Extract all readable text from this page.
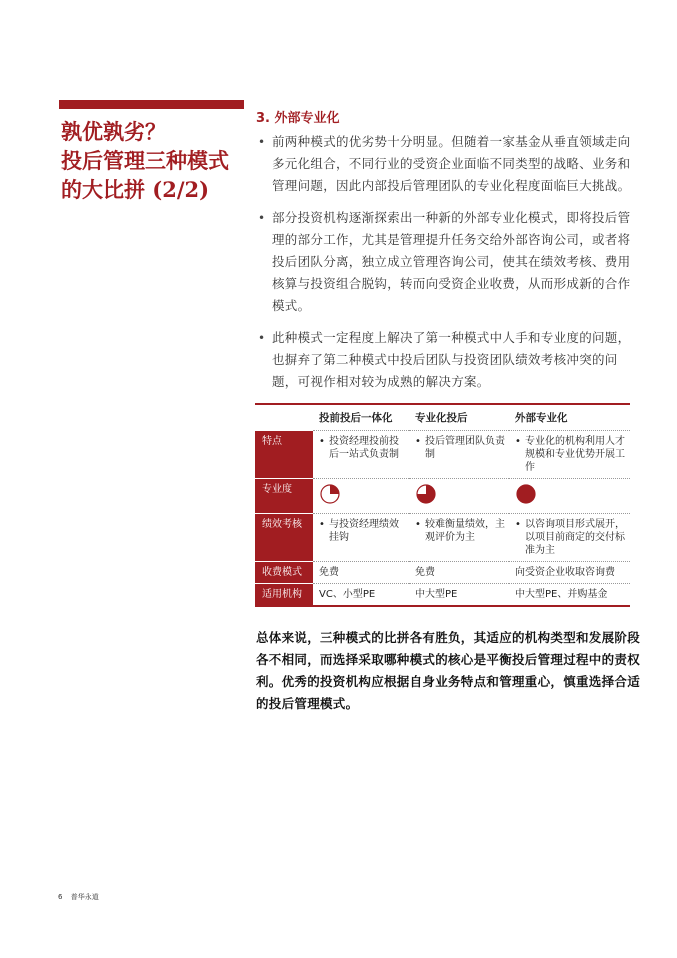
孰优孰劣？
投后管理三种模式
的大比拼 (2/2)
3. 外部专业化
• 前两种模式的优劣势十分明显。但随着一家基金从垂直领域走向多元化组合，不同行业的受资企业面临不同类型的战略、业务和管理问题，因此内部投后管理团队的专业化程度面临巨大挑战。
• 部分投资机构逐渐探索出一种新的外部专业化模式，即将投后管理的部分工作，尤其是管理提升任务交给外部咨询公司，或者将投后团队分离，独立成立管理咨询公司，使其在绩效考核、费用核算与投资组合脱钩，转而向受资企业收费，从而形成新的合作模式。
• 此种模式一定程度上解决了第一种模式中人手和专业度的问题，也摒弃了第二种模式中投后团队与投资团队绩效考核冲突的问题，可视作相对较为成熟的解决方案。
	投前投后一体化	专业化投后	外部专业化
特点	• 投资经理投前投后一站式负责制	• 投后管理团队负责制	• 专业化的机构利用人才规模和专业优势开展工作

专业度			
绩效考核	• 与投资经理绩效挂钩	• 较难衡量绩效，主观评价为主	• 以咨询项目形式展开，以项目前商定的交付标准为主

收费模式	免费	免费	向受资企业收取咨询费
适用机构	VC、小型PE	中大型PE	中大型PE、并购基金
总体来说，三种模式的比拼各有胜负，其适应的机构类型和发展阶段各不相同，而选择采取哪种模式的核心是平衡投后管理过程中的责权利。优秀的投资机构应根据自身业务特点和管理重心，慎重选择合适的投后管理模式。
6 普华永道
